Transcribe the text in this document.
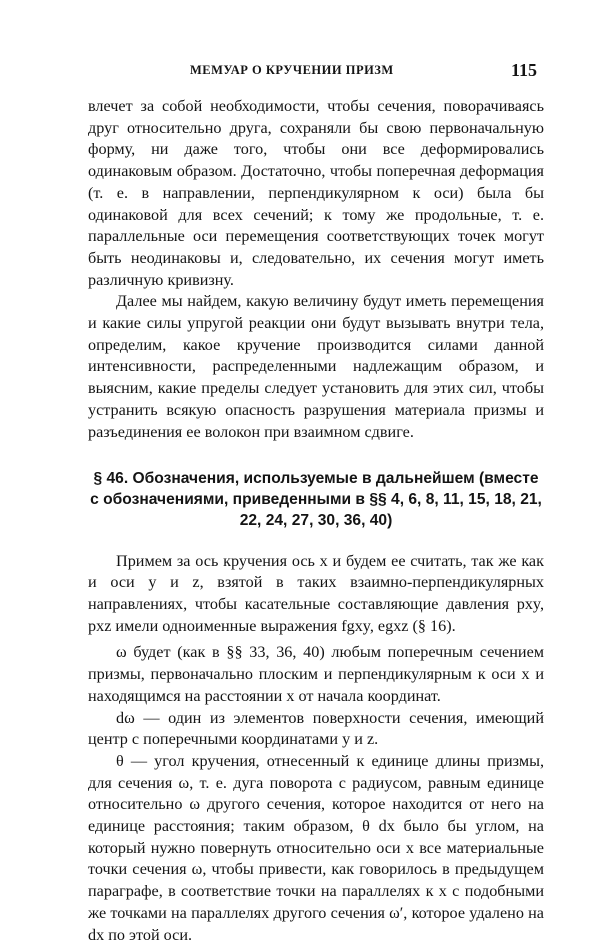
МЕМУАР О КРУЧЕНИИ ПРИЗМ	115

влечет за собой необходимости, чтобы сечения, поворачиваясь друг относительно друга, сохраняли бы свою первоначальную форму, ни даже того, чтобы они все деформировались одинаковым образом. Достаточно, чтобы поперечная деформация (т. е. в направлении, перпендикулярном к оси) была бы одинаковой для всех сечений; к тому же продольные, т. е. параллельные оси перемещения соответствующих точек могут быть неодинаковы и, следовательно, их сечения могут иметь различную кривизну.

Далее мы найдем, какую величину будут иметь перемещения и какие силы упругой реакции они будут вызывать внутри тела, определим, какое кручение производится силами данной интенсивности, распределенными надлежащим образом, и выясним, какие пределы следует установить для этих сил, чтобы устранить всякую опасность разрушения материала призмы и разъединения ее волокон при взаимном сдвиге.

§ 46. Обозначения, используемые в дальнейшем (вместе с обозначениями, приведенными в §§ 4, 6, 8, 11, 15, 18, 21, 22, 24, 27, 30, 36, 40)

Примем за ось кручения ось x и будем ее считать, так же как и оси y и z, взятой в таких взаимно-перпендикулярных направлениях, чтобы касательные составляющие давления pxy, pxz имели одноименные выражения fgxy, egxz (§ 16).

ω будет (как в §§ 33, 36, 40) любым поперечным сечением призмы, первоначально плоским и перпендикулярным к оси x и находящимся на расстоянии x от начала координат.

dω — один из элементов поверхности сечения, имеющий центр с поперечными координатами y и z.

θ — угол кручения, отнесенный к единице длины призмы, для сечения ω, т. е. дуга поворота с радиусом, равным единице относительно ω другого сечения, которое находится от него на единице расстояния; таким образом, θ dx было бы углом, на который нужно повернуть относительно оси x все материальные точки сечения ω, чтобы привести, как говорилось в предыдущем параграфе, в соответствие точки на параллелях к x с подобными же точками на параллелях другого сечения ω′, которое удалено на dx по этой оси.
